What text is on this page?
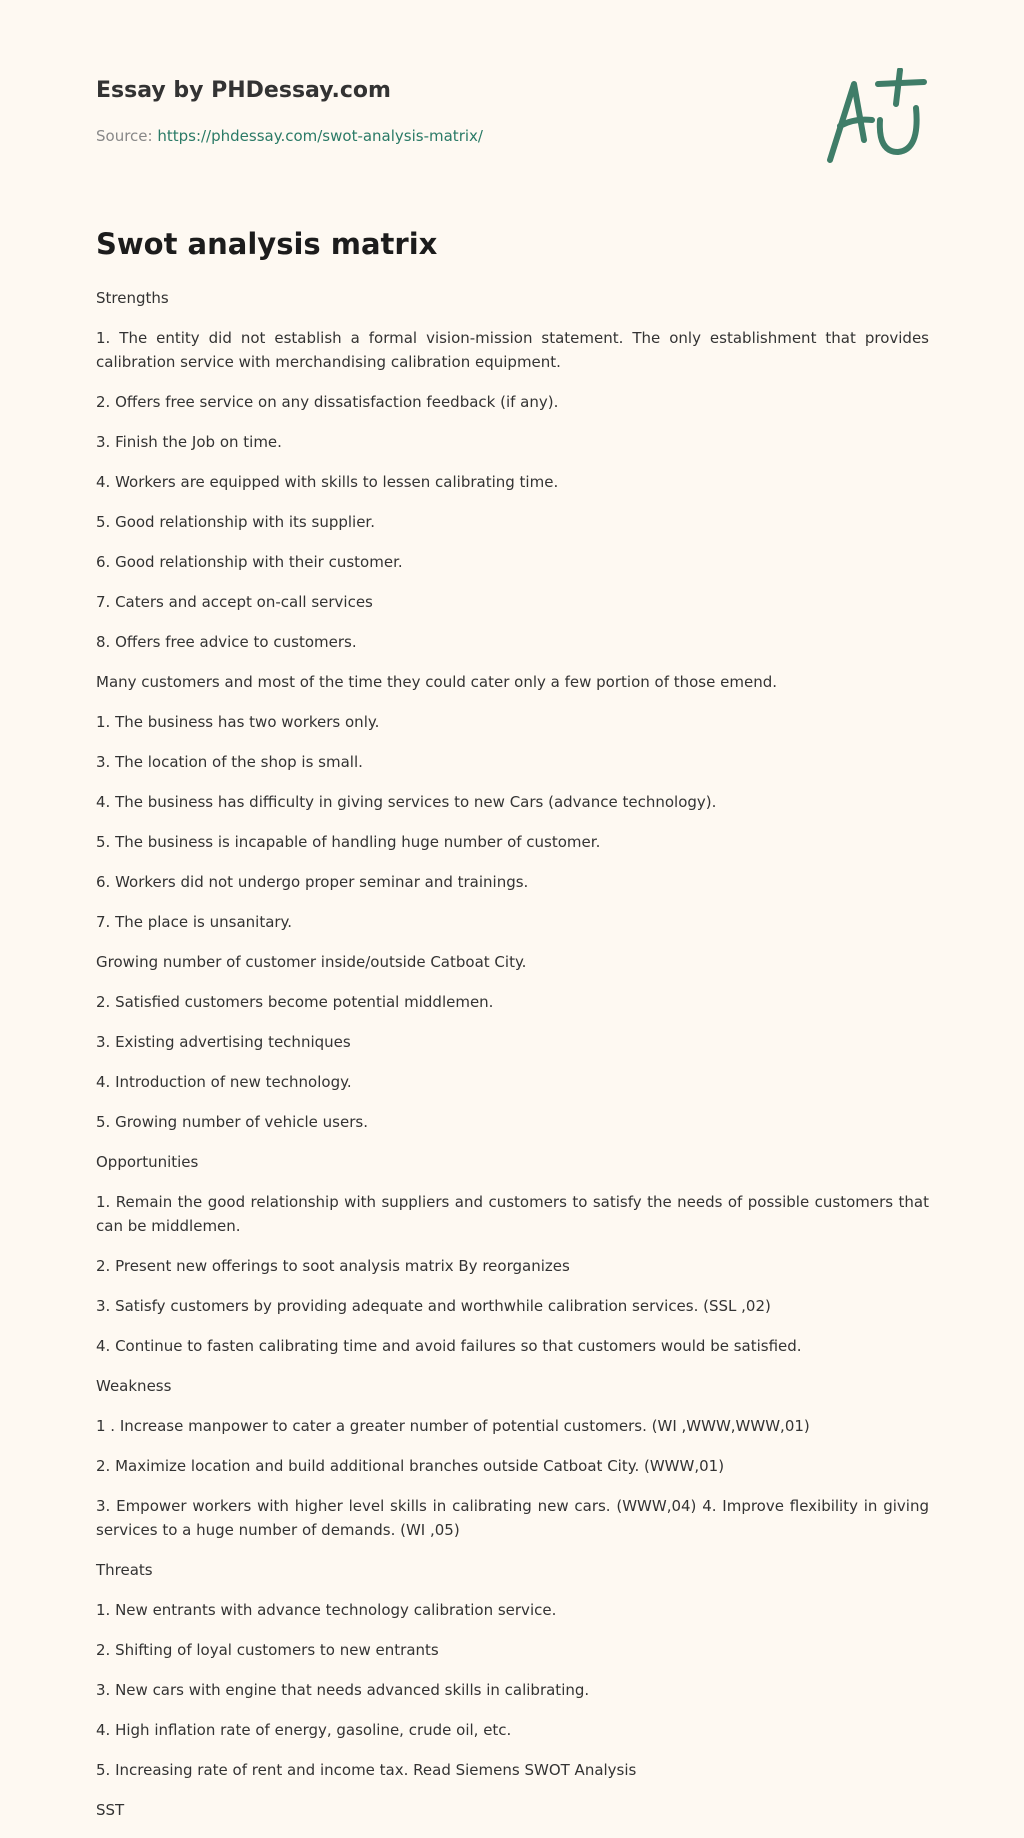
Essay by PHDessay.com
Source: https://phdessay.com/swot-analysis-matrix/
Swot analysis matrix

Strengths

1. The entity did not establish a formal vision-mission statement. The only establishment that provides calibration service with merchandising calibration equipment.

2. Offers free service on any dissatisfaction feedback (if any).

3. Finish the Job on time.

4. Workers are equipped with skills to lessen calibrating time.

5. Good relationship with its supplier.

6. Good relationship with their customer.

7. Caters and accept on-call services

8. Offers free advice to customers.

Many customers and most of the time they could cater only a few portion of those emend.

1. The business has two workers only.

3. The location of the shop is small.

4. The business has difficulty in giving services to new Cars (advance technology).

5. The business is incapable of handling huge number of customer.

6. Workers did not undergo proper seminar and trainings.

7. The place is unsanitary.

Growing number of customer inside/outside Catboat City.

2. Satisfied customers become potential middlemen.

3. Existing advertising techniques

4. Introduction of new technology.

5. Growing number of vehicle users.

Opportunities

1. Remain the good relationship with suppliers and customers to satisfy the needs of possible customers that can be middlemen.

2. Present new offerings to soot analysis matrix By reorganizes

3. Satisfy customers by providing adequate and worthwhile calibration services. (SSL ,02)

4. Continue to fasten calibrating time and avoid failures so that customers would be satisfied.

Weakness

1 . Increase manpower to cater a greater number of potential customers. (WI ,WWW,WWW,01)

2. Maximize location and build additional branches outside Catboat City. (WWW,01)

3. Empower workers with higher level skills in calibrating new cars. (WWW,04) 4. Improve flexibility in giving services to a huge number of demands. (WI ,05)

Threats

1. New entrants with advance technology calibration service.

2. Shifting of loyal customers to new entrants

3. New cars with engine that needs advanced skills in calibrating.

4. High inflation rate of energy, gasoline, crude oil, etc.

5. Increasing rate of rent and income tax. Read Siemens SWOT Analysis

SST
